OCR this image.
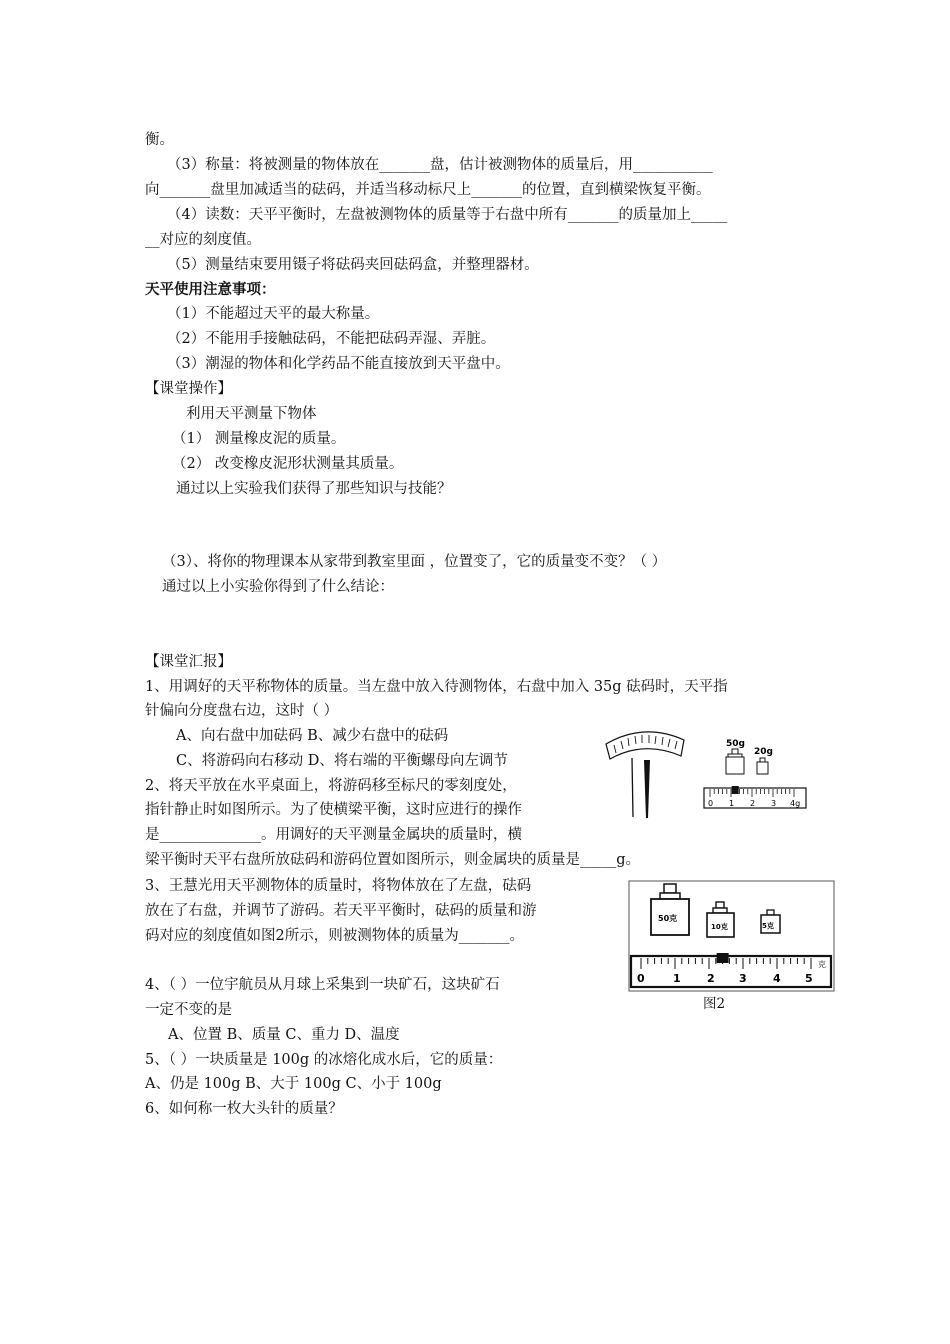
衡。
（3）称量：将被测量的物体放在_______盘，估计被测物体的质量后，用___________
向_______盘里加减适当的砝码，并适当移动标尺上_______的位置，直到横梁恢复平衡。
（4）读数：天平平衡时，左盘被测物体的质量等于右盘中所有_______的质量加上_____
__对应的刻度值。
（5）测量结束要用镊子将砝码夹回砝码盒，并整理器材。
天平使用注意事项：
（1）不能超过天平的最大称量。
（2）不能用手接触砝码，不能把砝码弄湿、弄脏。
（3）潮湿的物体和化学药品不能直接放到天平盘中。
【课堂操作】
利用天平测量下物体
（1） 测量橡皮泥的质量。
（2） 改变橡皮泥形状测量其质量。
通过以上实验我们获得了那些知识与技能？
（3）、将你的物理课本从家带到教室里面 ，位置变了，它的质量变不变？（ ）
通过以上小实验你得到了什么结论：
【课堂汇报】
1、用调好的天平称物体的质量。当左盘中放入待测物体，右盘中加入 35g 砝码时，天平指
针偏向分度盘右边，这时（ ）
A、向右盘中加砝码 B、减少右盘中的砝码
C、将游码向右移动 D、将右端的平衡螺母向左调节
2、将天平放在水平桌面上，将游码移至标尺的零刻度处，
指针静止时如图所示。为了使横梁平衡，这时应进行的操作
是______________。用调好的天平测量金属块的质量时，横
梁平衡时天平右盘所放砝码和游码位置如图所示，则金属块的质量是_____g。
3、王慧光用天平测物体的质量时，将物体放在了左盘，砝码
放在了右盘，并调节了游码。若天平平衡时，砝码的质量和游
码对应的刻度值如图2所示，则被测物体的质量为_______。
4、（ ）一位宇航员从月球上采集到一块矿石，这块矿石
一定不变的是
A、位置 B、质量 C、重力 D、温度
5、（ ）一块质量是 100g 的冰熔化成水后，它的质量：
A、仍是 100g B、大于 100g C、小于 100g
6、如何称一枚大头针的质量？
50g
20g
0 1 2 3 4g
50克
10克	5克
0	1 2 3 4 5
克
图2
